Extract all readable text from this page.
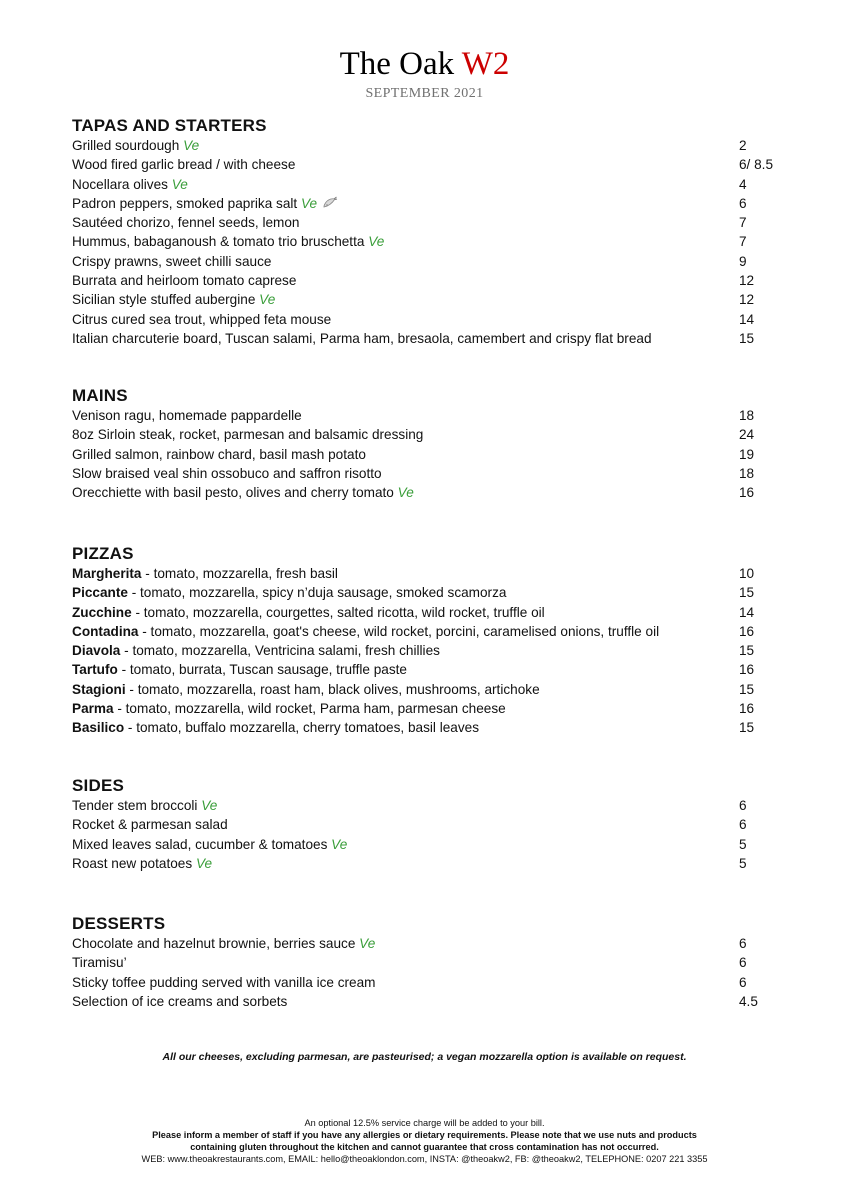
The Oak W2
SEPTEMBER 2021
TAPAS AND STARTERS
Grilled sourdough Ve	2
Wood fired garlic bread / with cheese	6/ 8.5
Nocellara olives Ve	4
Padron peppers, smoked paprika salt Ve	6
Sautéed chorizo, fennel seeds, lemon	7
Hummus, babaganoush & tomato trio bruschetta Ve	7
Crispy prawns, sweet chilli sauce	9
Burrata and heirloom tomato caprese	12
Sicilian style stuffed aubergine Ve	12
Citrus cured sea trout, whipped feta mouse	14
Italian charcuterie board, Tuscan salami, Parma ham, bresaola, camembert and crispy flat bread	15
MAINS
Venison ragu, homemade pappardelle	18
8oz Sirloin steak, rocket, parmesan and balsamic dressing	24
Grilled salmon, rainbow chard, basil mash potato	19
Slow braised veal shin ossobuco and saffron risotto	18
Orecchiette with basil pesto, olives and cherry tomato Ve	16
PIZZAS
Margherita - tomato, mozzarella, fresh basil	10
Piccante - tomato, mozzarella, spicy n’duja sausage, smoked scamorza	15
Zucchine - tomato, mozzarella, courgettes, salted ricotta, wild rocket, truffle oil	14
Contadina - tomato, mozzarella, goat's cheese, wild rocket, porcini, caramelised onions, truffle oil	16
Diavola - tomato, mozzarella, Ventricina salami, fresh chillies	15
Tartufo - tomato, burrata, Tuscan sausage, truffle paste	16
Stagioni - tomato, mozzarella, roast ham, black olives, mushrooms, artichoke	15
Parma - tomato, mozzarella, wild rocket, Parma ham, parmesan cheese	16
Basilico - tomato, buffalo mozzarella, cherry tomatoes, basil leaves	15
SIDES
Tender stem broccoli Ve	6
Rocket & parmesan salad	6
Mixed leaves salad, cucumber & tomatoes Ve	5
Roast new potatoes Ve	5
DESSERTS
Chocolate and hazelnut brownie, berries sauce Ve	6
Tiramisu’	6
Sticky toffee pudding served with vanilla ice cream	6
Selection of ice creams and sorbets	4.5
All our cheeses, excluding parmesan, are pasteurised; a vegan mozzarella option is available on request.
An optional 12.5% service charge will be added to your bill.
Please inform a member of staff if you have any allergies or dietary requirements. Please note that we use nuts and products
containing gluten throughout the kitchen and cannot guarantee that cross contamination has not occurred.
WEB: www.theoakrestaurants.com, EMAIL: hello@theoaklondon.com, INSTA: @theoakw2, FB: @theoakw2, TELEPHONE: 0207 221 3355
